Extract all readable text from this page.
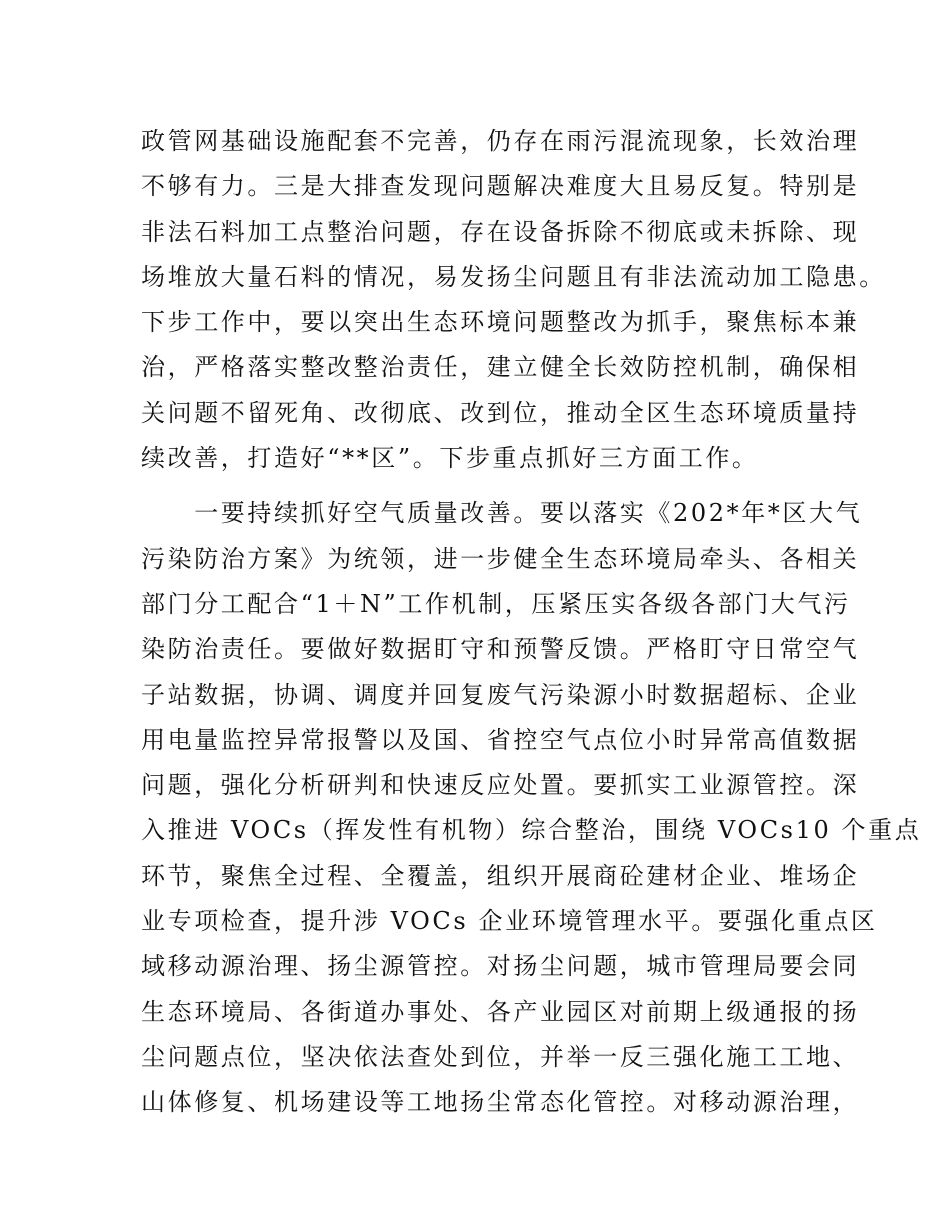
政管网基础设施配套不完善，仍存在雨污混流现象，长效治理
不够有力。三是大排查发现问题解决难度大且易反复。特别是
非法石料加工点整治问题，存在设备拆除不彻底或未拆除、现
场堆放大量石料的情况，易发扬尘问题且有非法流动加工隐患。
下步工作中，要以突出生态环境问题整改为抓手，聚焦标本兼
治，严格落实整改整治责任，建立健全长效防控机制，确保相
关问题不留死角、改彻底、改到位，推动全区生态环境质量持
续改善，打造好“**区”。下步重点抓好三方面工作。
　　一要持续抓好空气质量改善。要以落实《202*年*区大气
污染防治方案》为统领，进一步健全生态环境局牵头、各相关
部门分工配合“1＋N”工作机制，压紧压实各级各部门大气污
染防治责任。要做好数据盯守和预警反馈。严格盯守日常空气
子站数据，协调、调度并回复废气污染源小时数据超标、企业
用电量监控异常报警以及国、省控空气点位小时异常高值数据
问题，强化分析研判和快速反应处置。要抓实工业源管控。深
入推进 VOCs（挥发性有机物）综合整治，围绕 VOCs10 个重点
环节，聚焦全过程、全覆盖，组织开展商砼建材企业、堆场企
业专项检查，提升涉 VOCs 企业环境管理水平。要强化重点区
域移动源治理、扬尘源管控。对扬尘问题，城市管理局要会同
生态环境局、各街道办事处、各产业园区对前期上级通报的扬
尘问题点位，坚决依法查处到位，并举一反三强化施工工地、
山体修复、机场建设等工地扬尘常态化管控。对移动源治理，
